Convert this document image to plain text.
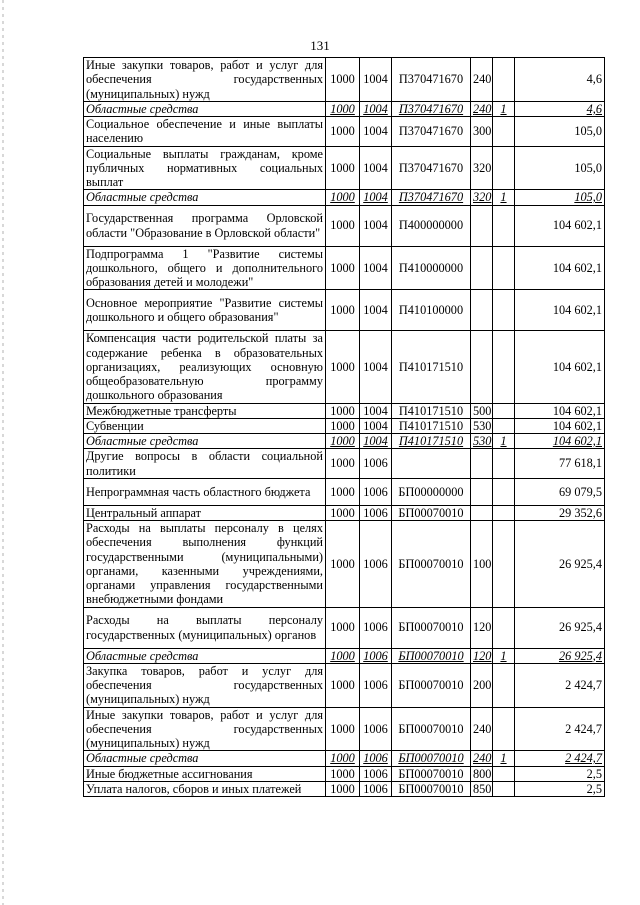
131
Иные закупки товаров, работ и услуг для обеспечения государственных (муниципальных) нужд	1000	1004	П370471670	240		4,6
Областные средства	1000	1004	П370471670	240	1	4,6
Социальное обеспечение и иные выплаты населению	1000	1004	П370471670	300		105,0
Социальные выплаты гражданам, кроме публичных нормативных социальных выплат	1000	1004	П370471670	320		105,0
Областные средства	1000	1004	П370471670	320	1	105,0
Государственная программа Орловской области "Образование в Орловской области"	1000	1004	П400000000			104 602,1
Подпрограмма 1 "Развитие системы дошкольного, общего и дополнительного образования детей и молодежи"	1000	1004	П410000000			104 602,1
Основное мероприятие "Развитие системы дошкольного и общего образования"	1000	1004	П410100000			104 602,1
Компенсация части родительской платы за содержание ребенка в образовательных организациях, реализующих основную общеобразовательную программу дошкольного образования	1000	1004	П410171510			104 602,1
Межбюджетные трансферты	1000	1004	П410171510	500		104 602,1
Субвенции	1000	1004	П410171510	530		104 602,1
Областные средства	1000	1004	П410171510	530	1	104 602,1
Другие вопросы в области социальной политики	1000	1006				77 618,1
Непрограммная часть областного бюджета	1000	1006	БП00000000			69 079,5
Центральный аппарат	1000	1006	БП00070010			29 352,6
Расходы на выплаты персоналу в целях обеспечения выполнения функций государственными (муниципальными) органами, казенными учреждениями, органами управления государственными внебюджетными фондами	1000	1006	БП00070010	100		26 925,4
Расходы на выплаты персоналу государственных (муниципальных) органов	1000	1006	БП00070010	120		26 925,4
Областные средства	1000	1006	БП00070010	120	1	26 925,4
Закупка товаров, работ и услуг для обеспечения государственных (муниципальных) нужд	1000	1006	БП00070010	200		2 424,7
Иные закупки товаров, работ и услуг для обеспечения государственных (муниципальных) нужд	1000	1006	БП00070010	240		2 424,7
Областные средства	1000	1006	БП00070010	240	1	2 424,7
Иные бюджетные ассигнования	1000	1006	БП00070010	800		2,5
Уплата налогов, сборов и иных платежей	1000	1006	БП00070010	850		2,5
